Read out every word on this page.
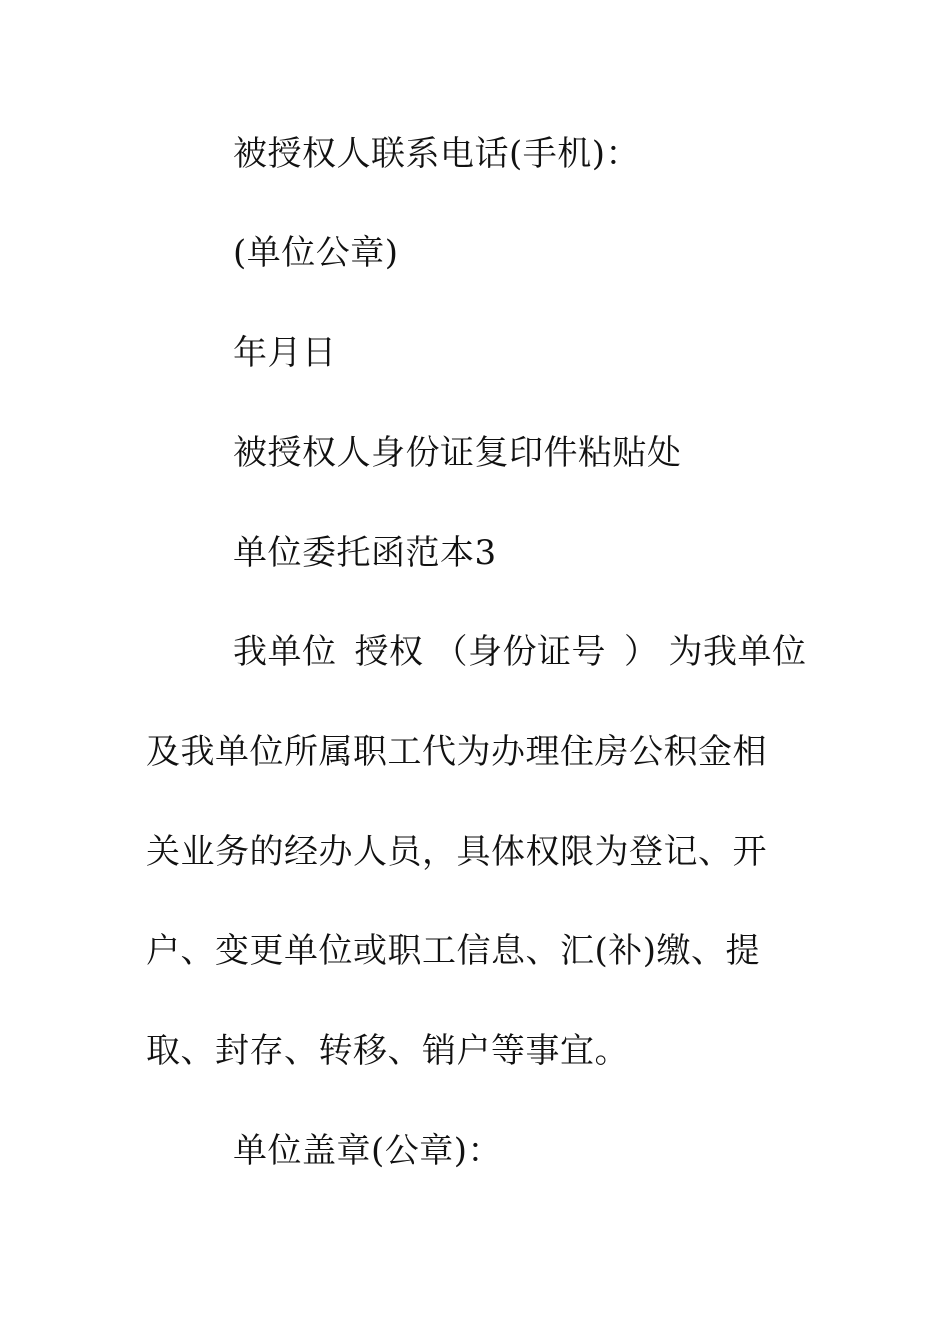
被授权人联系电话(手机)：
(单位公章)
年月日
被授权人身份证复印件粘贴处
单位委托函范本3
我单位 授权 （身份证号 ） 为我单位
及我单位所属职工代为办理住房公积金相
关业务的经办人员，具体权限为登记、开
户、变更单位或职工信息、汇(补)缴、提
取、封存、转移、销户等事宜。
单位盖章(公章)：
